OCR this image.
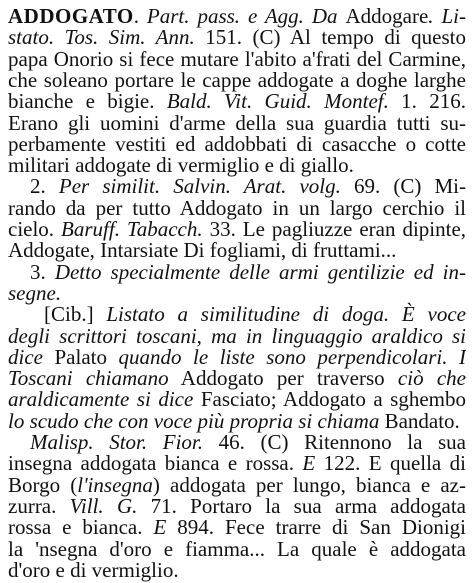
ADDOGATO. Part. pass. e Agg. Da Addogare. Li-
stato. Tos. Sim. Ann. 151. (C) Al tempo di questo
papa Onorio si fece mutare l'abito a'frati del Carmine,
che soleano portare le cappe addogate a doghe larghe
bianche e bigie. Bald. Vit. Guid. Montef. 1. 216.
Erano gli uomini d'arme della sua guardia tutti su-
perbamente vestiti ed addobbati di casacche o cotte
militari addogate di vermiglio e di giallo.
2. Per similit. Salvin. Arat. volg. 69. (C) Mi-
rando da per tutto Addogato in un largo cerchio il
cielo. Baruff. Tabacch. 33. Le pagliuzze eran dipinte,
Addogate, Intarsiate Di fogliami, di fruttami...
3. Detto specialmente delle armi gentilizie ed in-
segne.
[Cib.] Listato a similitudine di doga. È voce
degli scrittori toscani, ma in linguaggio araldico si
dice Palato quando le liste sono perpendicolari. I
Toscani chiamano Addogato per traverso ciò che
araldicamente si dice Fasciato; Addogato a sghembo
lo scudo che con voce più propria si chiama Bandato.
Malisp. Stor. Fior. 46. (C) Ritennono la sua
insegna addogata bianca e rossa. E 122. E quella di
Borgo (l'insegna) addogata per lungo, bianca e az-
zurra. Vill. G. 71. Portaro la sua arma addogata
rossa e bianca. E 894. Fece trarre di San Dionigi
la 'nsegna d'oro e fiamma... La quale è addogata
d'oro e di vermiglio.
